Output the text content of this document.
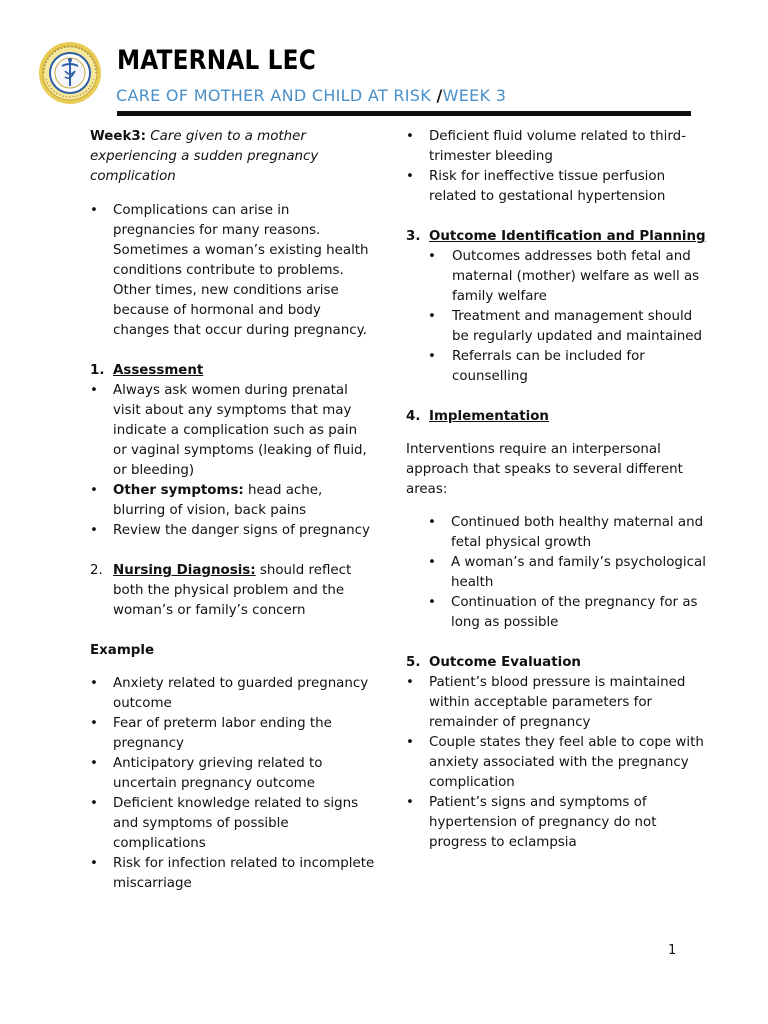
MATERNAL LEC
CARE OF MOTHER AND CHILD AT RISK /WEEK 3

Week3: Care given to a mother experiencing a sudden pregnancy complication

• Complications can arise in pregnancies for many reasons. Sometimes a woman’s existing health conditions contribute to problems. Other times, new conditions arise because of hormonal and body changes that occur during pregnancy.

1. Assessment

• Always ask women during prenatal visit about any symptoms that may indicate a complication such as pain or vaginal symptoms (leaking of fluid, or bleeding)
• Other symptoms: head ache, blurring of vision, back pains
• Review the danger signs of pregnancy

2. Nursing Diagnosis: should reflect both the physical problem and the woman’s or family’s concern

Example

• Anxiety related to guarded pregnancy outcome
• Fear of preterm labor ending the pregnancy
• Anticipatory grieving related to uncertain pregnancy outcome
• Deficient knowledge related to signs and symptoms of possible complications
• Risk for infection related to incomplete miscarriage
• Deficient fluid volume related to third-trimester bleeding
• Risk for ineffective tissue perfusion related to gestational hypertension

3. Outcome Identification and Planning

• Outcomes addresses both fetal and maternal (mother) welfare as well as family welfare
• Treatment and management should be regularly updated and maintained
• Referrals can be included for counselling

4. Implementation

Interventions require an interpersonal approach that speaks to several different areas:

• Continued both healthy maternal and fetal physical growth
• A woman’s and family’s psychological health
• Continuation of the pregnancy for as long as possible

5. Outcome Evaluation

• Patient’s blood pressure is maintained within acceptable parameters for remainder of pregnancy
• Couple states they feel able to cope with anxiety associated with the pregnancy complication
• Patient’s signs and symptoms of hypertension of pregnancy do not progress to eclampsia
1
